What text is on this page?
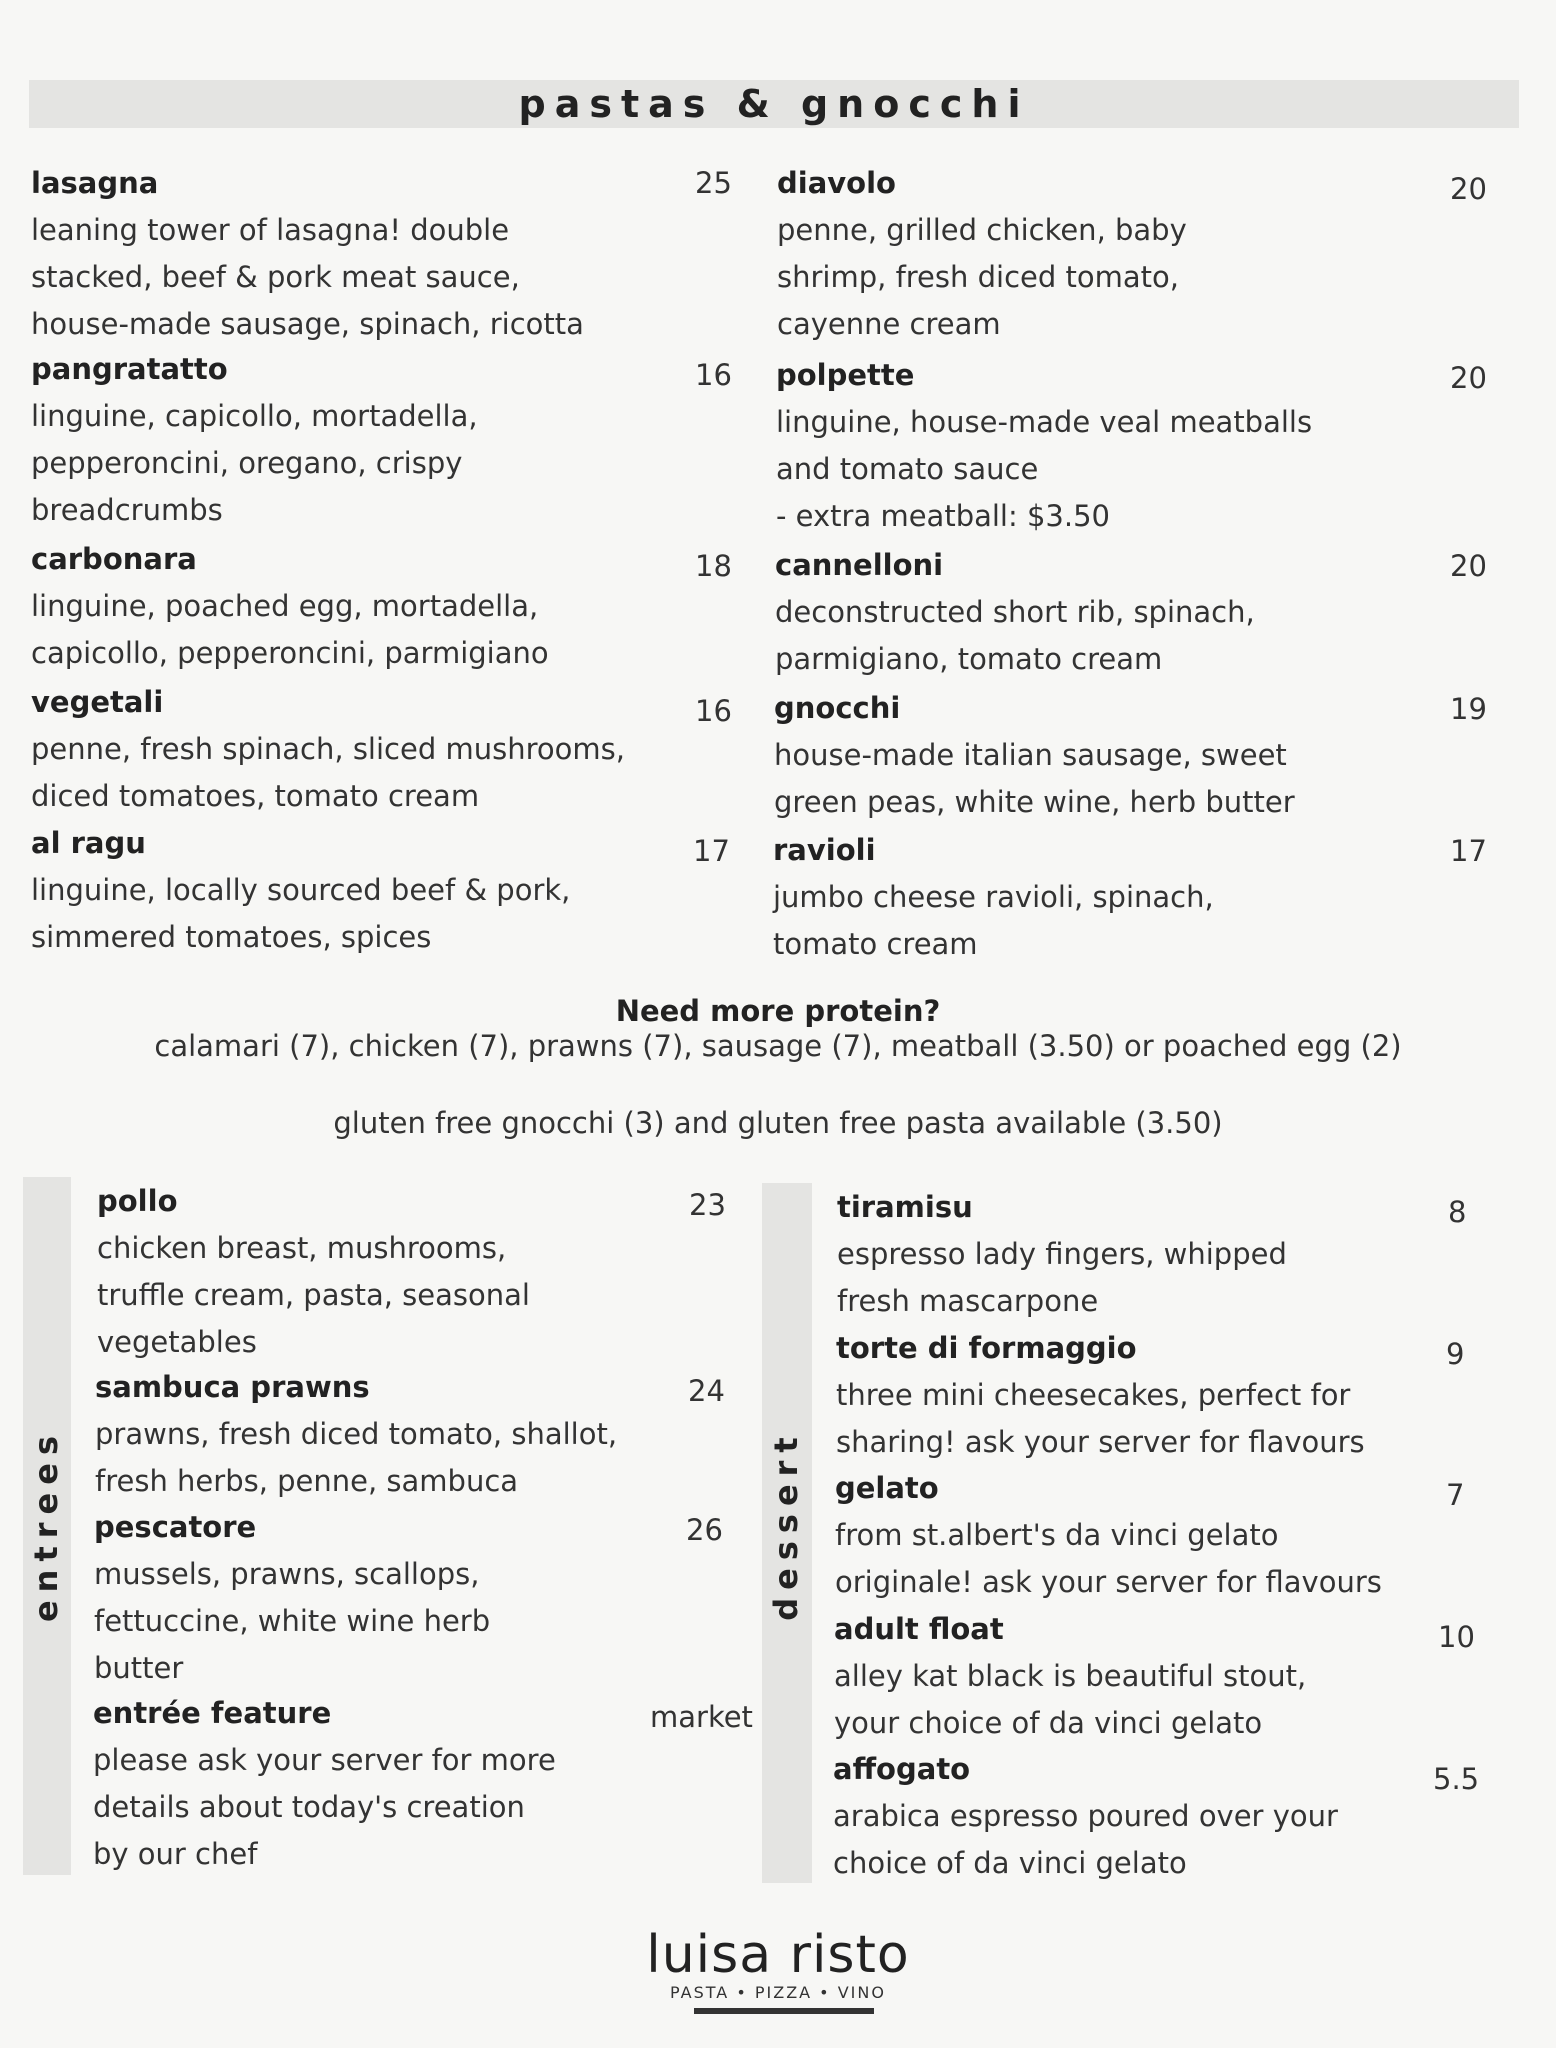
pastas & gnocchi
lasagna
leaning tower of lasagna! double
stacked, beef & pork meat sauce,
house-made sausage, spinach, ricotta
25
pangratatto
linguine, capicollo, mortadella,
pepperoncini, oregano, crispy
breadcrumbs
16
carbonara
linguine, poached egg, mortadella,
capicollo, pepperoncini, parmigiano
18
vegetali
penne, fresh spinach, sliced mushrooms,
diced tomatoes, tomato cream
16
al ragu
linguine, locally sourced beef & pork,
simmered tomatoes, spices
17
diavolo
penne, grilled chicken, baby
shrimp, fresh diced tomato,
cayenne cream
20
polpette
linguine, house-made veal meatballs
and tomato sauce
- extra meatball: $3.50
20
cannelloni
deconstructed short rib, spinach,
parmigiano, tomato cream
20
gnocchi
house-made italian sausage, sweet
green peas, white wine, herb butter
19
ravioli
jumbo cheese ravioli, spinach,
tomato cream
17
Need more protein?
calamari (7), chicken (7), prawns (7), sausage (7), meatball (3.50) or poached egg (2)
gluten free gnocchi (3) and gluten free pasta available (3.50)
entrees
pollo
chicken breast, mushrooms,
truffle cream, pasta, seasonal
vegetables
23
sambuca prawns
prawns, fresh diced tomato, shallot,
fresh herbs, penne, sambuca
24
pescatore
mussels, prawns, scallops,
fettuccine, white wine herb
butter
26
entrée feature
please ask your server for more
details about today's creation
by our chef
market
dessert
tiramisu
espresso lady fingers, whipped
fresh mascarpone
8
torte di formaggio
three mini cheesecakes, perfect for
sharing! ask your server for flavours
9
gelato
from st.albert's da vinci gelato
originale! ask your server for flavours
7
adult float
alley kat black is beautiful stout,
your choice of da vinci gelato
10
affogato
arabica espresso poured over your
choice of da vinci gelato
5.5
luisa risto
PASTA • PIZZA • VINO
